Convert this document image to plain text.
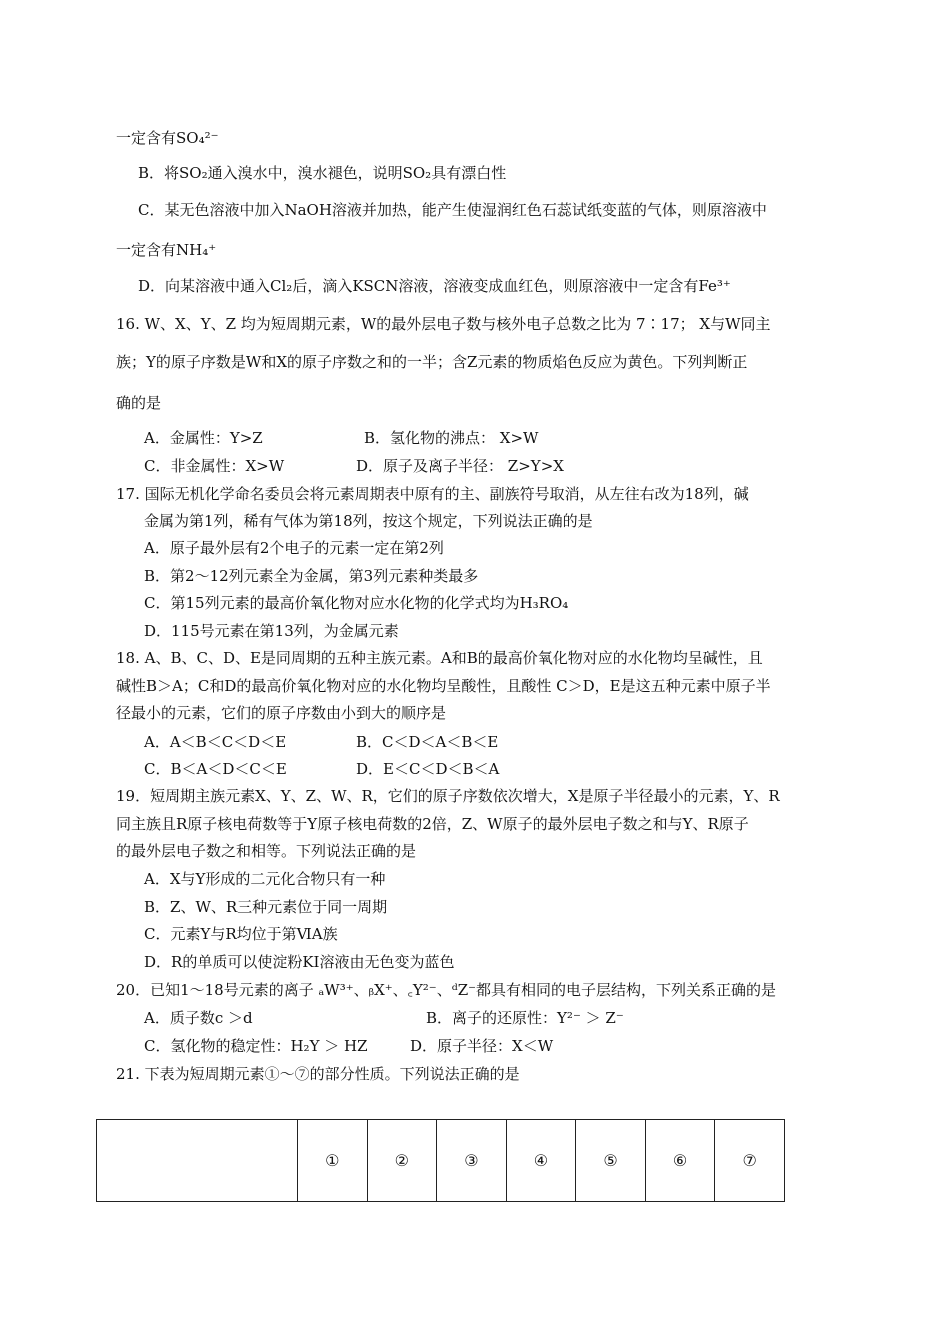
一定含有SO₄²⁻
B．将SO₂通入溴水中，溴水褪色，说明SO₂具有漂白性
C．某无色溶液中加入NaOH溶液并加热，能产生使湿润红色石蕊试纸变蓝的气体，则原溶液中
一定含有NH₄⁺
D．向某溶液中通入Cl₂后，滴入KSCN溶液，溶液变成血红色，则原溶液中一定含有Fe³⁺
16. W、X、Y、Z 均为短周期元素，W的最外层电子数与核外电子总数之比为 7∶17； X与W同主
族；Y的原子序数是W和X的原子序数之和的一半；含Z元素的物质焰色反应为黄色。下列判断正
确的是
A．金属性：Y>Z	B．氢化物的沸点： X>W
C．非金属性：X>W	D．原子及离子半径： Z>Y>X
17. 国际无机化学命名委员会将元素周期表中原有的主、副族符号取消，从左往右改为18列，碱
金属为第1列，稀有气体为第18列，按这个规定，下列说法正确的是
A．原子最外层有2个电子的元素一定在第2列
B．第2～12列元素全为金属，第3列元素种类最多
C．第15列元素的最高价氧化物对应水化物的化学式均为H₃RO₄
D．115号元素在第13列，为金属元素
18. A、B、C、D、E是同周期的五种主族元素。A和B的最高价氧化物对应的水化物均呈碱性，且
碱性B＞A；C和D的最高价氧化物对应的水化物均呈酸性，且酸性 C＞D，E是这五种元素中原子半
径最小的元素，它们的原子序数由小到大的顺序是
A．A＜B＜C＜D＜E	B．C＜D＜A＜B＜E
C．B＜A＜D＜C＜E	D．E＜C＜D＜B＜A
19．短周期主族元素X、Y、Z、W、R，它们的原子序数依次增大，X是原子半径最小的元素，Y、R
同主族且R原子核电荷数等于Y原子核电荷数的2倍，Z、W原子的最外层电子数之和与Y、R原子
的最外层电子数之和相等。下列说法正确的是
A．X与Y形成的二元化合物只有一种
B．Z、W、R三种元素位于同一周期
C．元素Y与R均位于第ⅥA族
D．R的单质可以使淀粉KI溶液由无色变为蓝色
20．已知1～18号元素的离子 ₐW³⁺、ᵦX⁺、꜀Y²⁻、ᵈZ⁻都具有相同的电子层结构，下列关系正确的是
A．质子数c ＞d	B．离子的还原性：Y²⁻ ＞ Z⁻
C．氢化物的稳定性：H₂Y ＞ HZ	D．原子半径：X＜W
21. 下表为短周期元素①～⑦的部分性质。下列说法正确的是
	①	②	③	④	⑤	⑥	⑦
